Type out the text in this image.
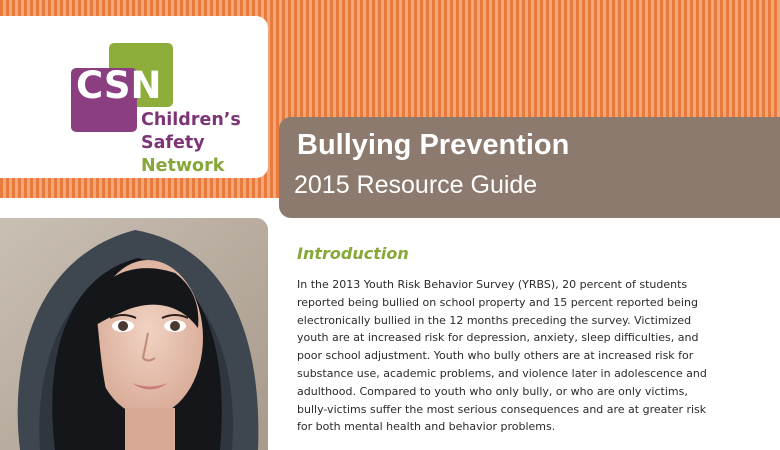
CSN
Children’s
Safety
Network
Bullying Prevention
2015 Resource Guide
Introduction
In the 2013 Youth Risk Behavior Survey (YRBS), 20 percent of students
reported being bullied on school property and 15 percent reported being
electronically bullied in the 12 months preceding the survey. Victimized
youth are at increased risk for depression, anxiety, sleep difficulties, and
poor school adjustment. Youth who bully others are at increased risk for
substance use, academic problems, and violence later in adolescence and
adulthood. Compared to youth who only bully, or who are only victims,
bully-victims suffer the most serious consequences and are at greater risk
for both mental health and behavior problems.
